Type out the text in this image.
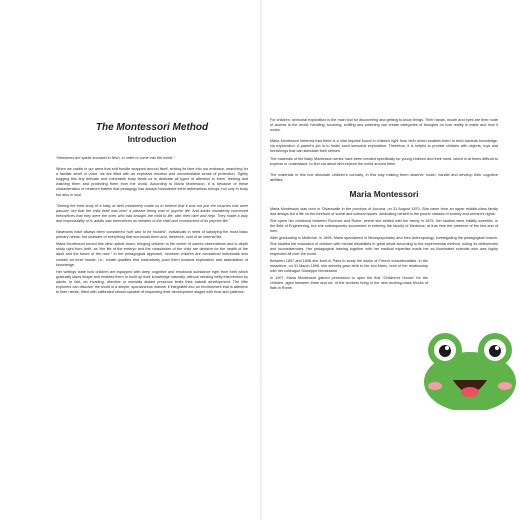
The Montessori Method
Introduction

“Newborns are spirits encased in flesh, in order to come into the world.”

When we cradle in our arms that soft bundle wrapped around itself, sinking its face into our embrace, searching for a familiar smell or voice, we are filled with an explosive emotion and uncontrollable sense of protection. Tightly hugging this tiny delicate and vulnerable body leads us to dedicate all types of attention to them, feeding and washing them and protecting them from the world. According to Maria Montessori, it is because of these characteristics of newborn babies that pedagogy has always considered them defenseless beings, not only in body but also in soul.

“Seeing the inert body of a baby at birth mistakenly made us to believe that it was not just the muscles that were passive, but that the child itself was inert: a passive being void of psychic life. And adults mistakenly convinced themselves that they were the ones who had brought the child to life, with their care and help. They made a duty and responsibility of it; adults saw themselves as molders of the child and constructors of its psychic life.”

Newborns have always been considered “soft wax to be molded”, individuals in need of satisfying the most basic primary needs, but unaware of everything that surrounds them and, therefore, void of an internal life.

Maria Montessori turned this view upside down, bringing children to the center of careful observations and in-depth study right from birth, as “the life of the embryo and the vicissitudes of the child are decisive for the health of the adult and the future of the race.” In her pedagogical approach, newborn children are considered individuals who contain an inner leader, i.e., innate qualities that instinctively push them towards exploration and assimilation of knowledge.

Her writings state how children are equipped with deep cognitive and emotional substance right from birth which gradually takes shape and enables them to build up their knowledge naturally, without needing hefty intervention by adults. In fact, an invading, directive or mentally distant presence limits their natural development. The little explorers can discover the world in a simple, spontaneous manner if integrated into an environment that is attentive to their needs, fitted with calibrated stimuli capable of respecting their development stages with trust and patience.

For children, sensorial exploration is the main tool for discovering and getting to know things. Their hands, mouth and eyes are their route of access to the world: handling, touching, sniffing and watching can create categories of thoughts on how reality is made and how it works.

Maria Montessori believed that there is a vital impulse found in children right from birth which enables them to tend towards knowledge, via exploration. A parent’s job is to foster such sensorial exploration. Therefore, it is helpful to provide children with objects, toys and furnishings that can stimulate their senses.

The materials of the Baby Montessori series have been created specifically for young children and their need, which is at times difficult to express or understand, to find out about and explore the world around them.

The materials in this box stimulate children’s curiosity, in this way making them observe, touch, handle and develop their cognitive abilities.

Maria Montessori

Maria Montessori was born in Chiaravalle in the province of Ancona, on 31 August 1870. She came from an upper middle-class family and always led a life on the forefront of social and cultural issues, dedicating herself to the poorer classes of society and women’s rights.

She spent her childhood between Florence and Rome, where she settled with her family in 1875. Her studies were initially scientific, in the field of Engineering, but she subsequently succeeded in entering the faculty of Medicine, at that time the preserve of the few and of men.

After graduating in Medicine, in 1896, Maria specialized in Neuropsychiatry and then Anthropology, investigating the pedagogical branch. She studied the education of children with mental disabilities in great detail according to the experimental method, noting its deficiencies and inconsistencies. Her pedagogical training together with her medical expertise made her an illuminated scientist who was highly respected all over the world.

Between 1897 and 1898 she lived in Paris to study the works of French educationalists. In the meantime, on 31 March 1898, she secretly gave birth to her son Mario, born of her relationship with her colleague Giuseppe Montesano.

In 1907, Maria Montessori gained permission to open the first “Children’s House” for the children, aged between three and six, of the workers living in the new working-class blocks of flats in Rome.
